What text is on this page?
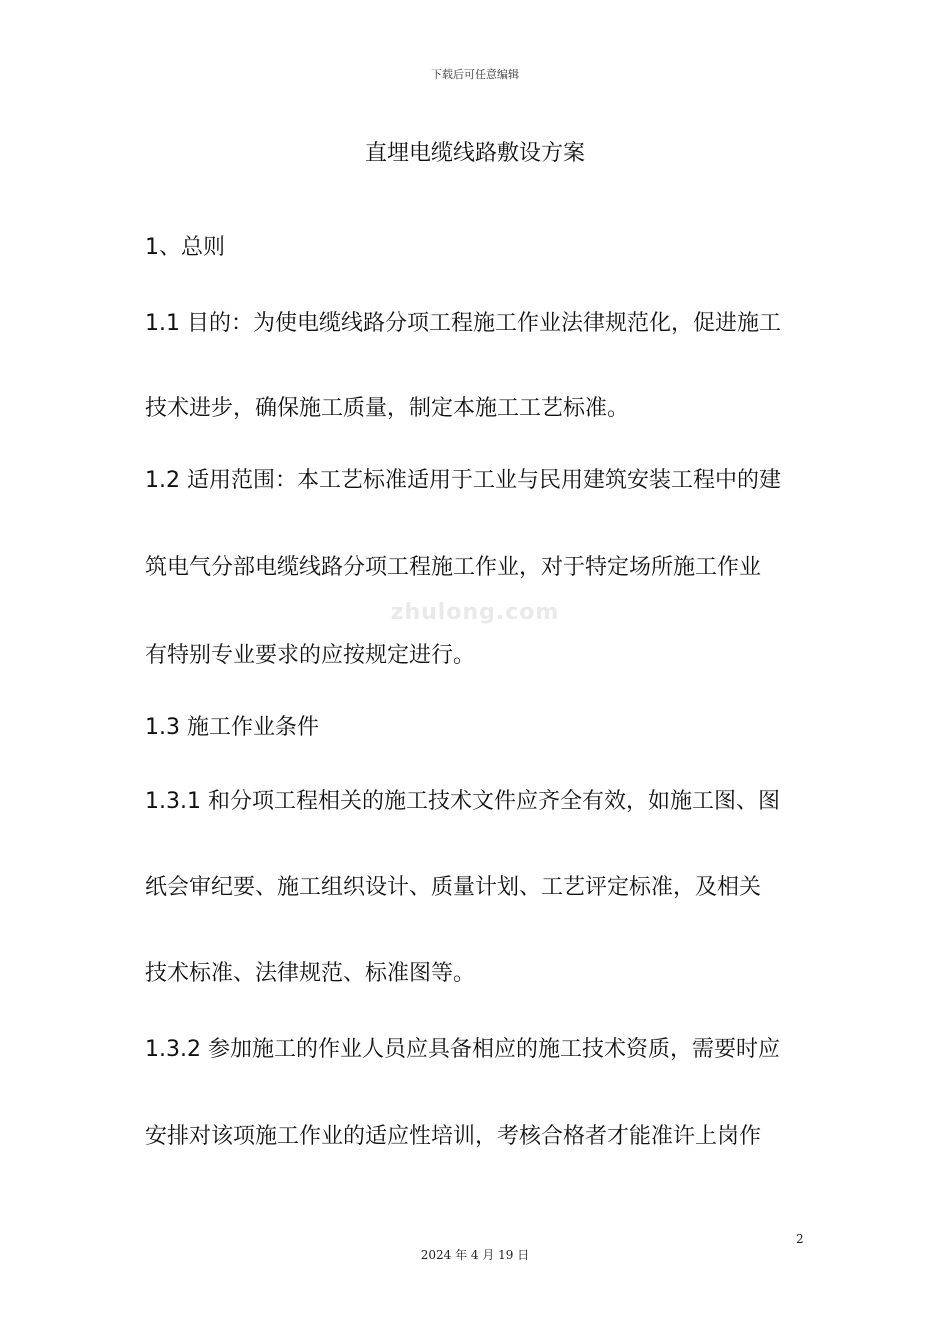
下载后可任意编辑
直埋电缆线路敷设方案
zhulong.com
1、总则
1.1 目的：为使电缆线路分项工程施工作业法律规范化，促进施工
技术进步，确保施工质量，制定本施工工艺标准。
1.2 适用范围：本工艺标准适用于工业与民用建筑安装工程中的建
筑电气分部电缆线路分项工程施工作业，对于特定场所施工作业
有特别专业要求的应按规定进行。
1.3 施工作业条件
1.3.1 和分项工程相关的施工技术文件应齐全有效，如施工图、图
纸会审纪要、施工组织设计、质量计划、工艺评定标准，及相关
技术标准、法律规范、标准图等。
1.3.2 参加施工的作业人员应具备相应的施工技术资质，需要时应
安排对该项施工作业的适应性培训，考核合格者才能准许上岗作
2
2024 年 4 月 19 日
